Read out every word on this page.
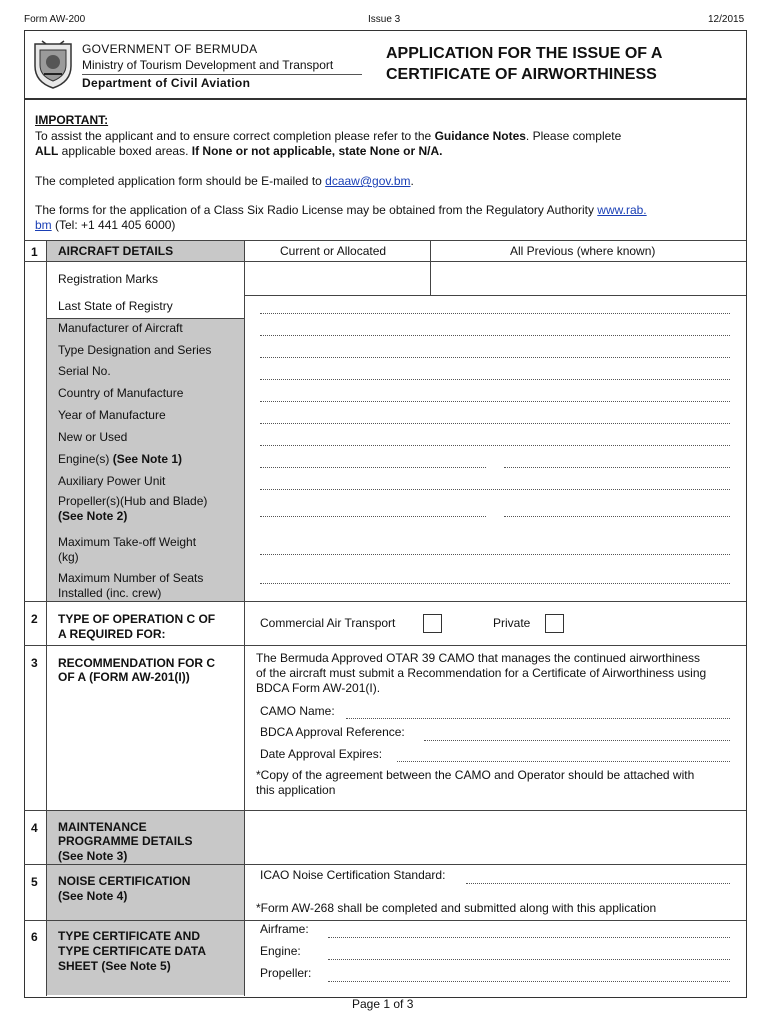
Form AW-200	Issue 3	12/2015
GOVERNMENT OF BERMUDA
Ministry of Tourism Development and Transport
Department of Civil Aviation
APPLICATION FOR THE ISSUE OF A
CERTIFICATE OF AIRWORTHINESS
IMPORTANT:
To assist the applicant and to ensure correct completion please refer to the Guidance Notes. Please complete
ALL applicable boxed areas. If None or not applicable, state None or N/A.
The completed application form should be E-mailed to dcaaw@gov.bm.
The forms for the application of a Class Six Radio License may be obtained from the Regulatory Authority www.rab.
bm (Tel: +1 441 405 6000)
1 AIRCRAFT DETAILS	Current or Allocated	All Previous (where known)
Registration Marks
Last State of Registry
Manufacturer of Aircraft
Type Designation and Series
Serial No.
Country of Manufacture
Year of Manufacture
New or Used
Engine(s) (See Note 1)
Auxiliary Power Unit
Propeller(s)(Hub and Blade)
(See Note 2)
Maximum Take-off Weight
(kg)
Maximum Number of Seats
Installed (inc. crew)
2 TYPE OF OPERATION C OF
A REQUIRED FOR:
Commercial Air Transport	Private
3 RECOMMENDATION FOR C
OF A (FORM AW-201(I))
The Bermuda Approved OTAR 39 CAMO that manages the continued airworthiness
of the aircraft must submit a Recommendation for a Certificate of Airworthiness using
BDCA Form AW-201(I).
CAMO Name:
BDCA Approval Reference:
Date Approval Expires:
*Copy of the agreement between the CAMO and Operator should be attached with
this application
4 MAINTENANCE
PROGRAMME DETAILS
(See Note 3)
5 NOISE CERTIFICATION
(See Note 4)
ICAO Noise Certification Standard:
*Form AW-268 shall be completed and submitted along with this application
6 TYPE CERTIFICATE AND
TYPE CERTIFICATE DATA
SHEET (See Note 5)
Airframe:
Engine:
Propeller:
Page 1 of 3
